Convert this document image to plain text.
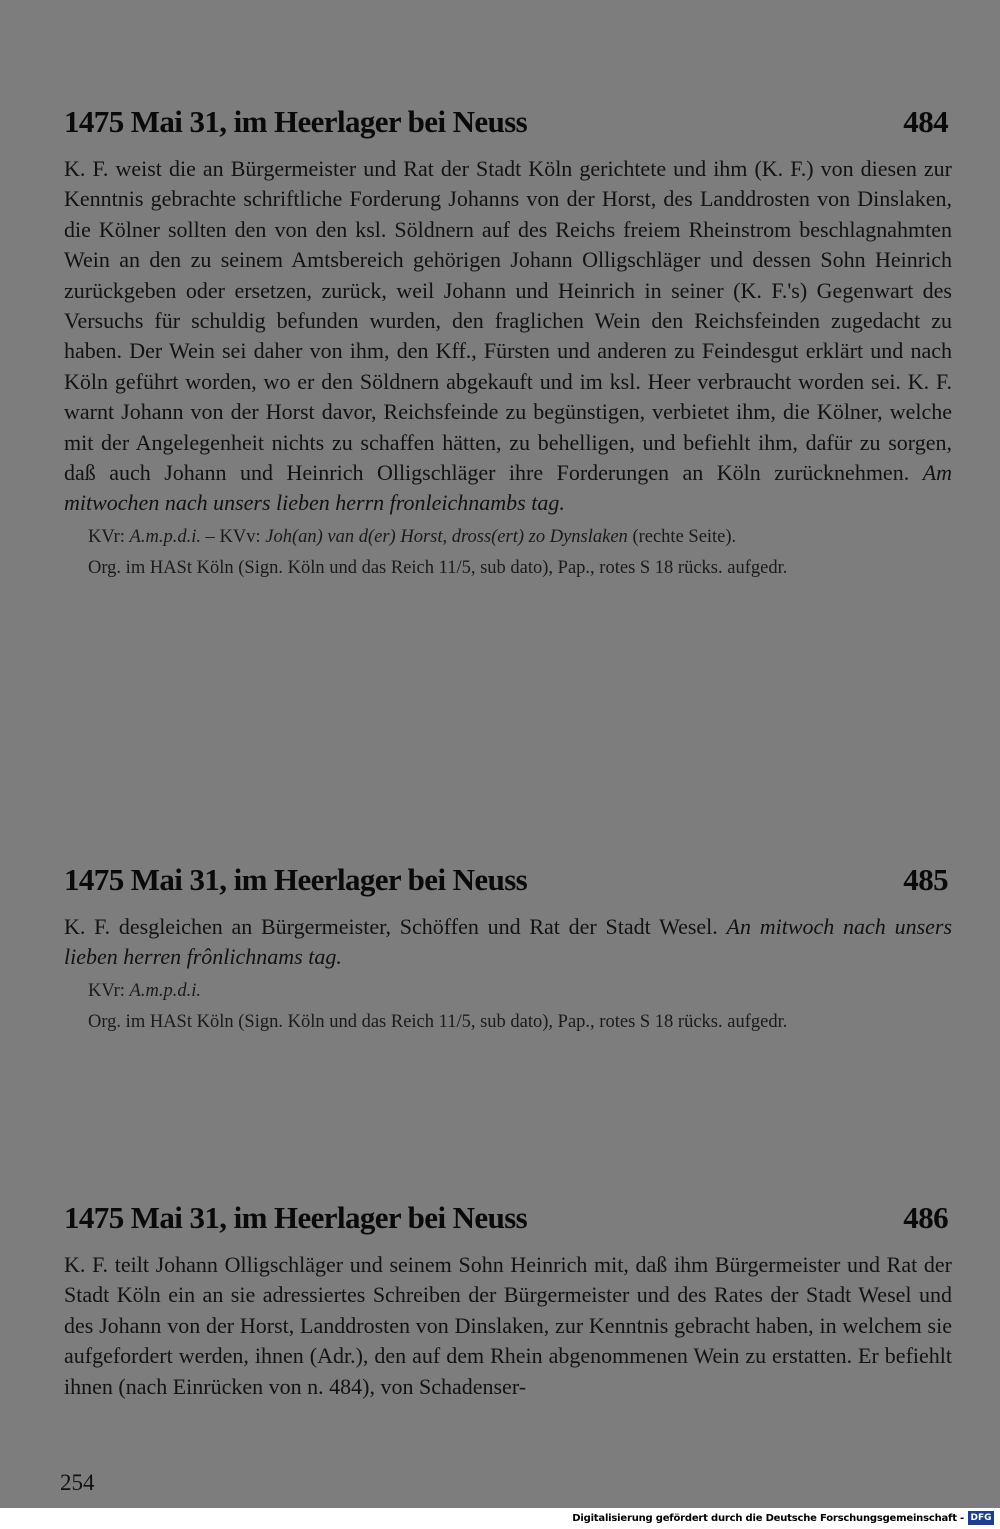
1475 Mai 31, im Heerlager bei Neuss	484

K. F. weist die an Bürgermeister und Rat der Stadt Köln gerichtete und ihm (K. F.) von diesen zur Kenntnis gebrachte schriftliche Forderung Johanns von der Horst, des Landdrosten von Dinslaken, die Kölner sollten den von den ksl. Söldnern auf des Reichs freiem Rheinstrom beschlagnahmten Wein an den zu seinem Amtsbereich gehörigen Johann Olligschläger und dessen Sohn Heinrich zurückgeben oder ersetzen, zurück, weil Johann und Heinrich in seiner (K. F.'s) Gegenwart des Versuchs für schuldig befunden wurden, den fraglichen Wein den Reichsfeinden zugedacht zu haben. Der Wein sei daher von ihm, den Kff., Fürsten und anderen zu Feindesgut erklärt und nach Köln geführt worden, wo er den Söldnern abgekauft und im ksl. Heer verbraucht worden sei. K. F. warnt Johann von der Horst davor, Reichsfeinde zu begünstigen, verbietet ihm, die Kölner, welche mit der Angelegenheit nichts zu schaffen hätten, zu behelligen, und befiehlt ihm, dafür zu sorgen, daß auch Johann und Heinrich Olligschläger ihre Forderungen an Köln zurücknehmen. Am mitwochen nach unsers lieben herrn fronleichnambs tag.

KVr: A.m.p.d.i. – KVv: Joh(an) van d(er) Horst, dross(ert) zo Dynslaken (rechte Seite).

Org. im HASt Köln (Sign. Köln und das Reich 11/5, sub dato), Pap., rotes S 18 rücks. aufgedr.

1475 Mai 31, im Heerlager bei Neuss	485

K. F. desgleichen an Bürgermeister, Schöffen und Rat der Stadt Wesel. An mitwoch nach unsers lieben herren frônlichnams tag.

KVr: A.m.p.d.i.

Org. im HASt Köln (Sign. Köln und das Reich 11/5, sub dato), Pap., rotes S 18 rücks. aufgedr.

1475 Mai 31, im Heerlager bei Neuss	486

K. F. teilt Johann Olligschläger und seinem Sohn Heinrich mit, daß ihm Bürgermeister und Rat der Stadt Köln ein an sie adressiertes Schreiben der Bürgermeister und des Rates der Stadt Wesel und des Johann von der Horst, Landdrosten von Dinslaken, zur Kenntnis gebracht haben, in welchem sie aufgefordert werden, ihnen (Adr.), den auf dem Rhein abgenommenen Wein zu erstatten. Er befiehlt ihnen (nach Einrücken von n. 484), von Schadenser-

254
Digitalisierung gefördert durch die Deutsche Forschungsgemeinschaft - DFG
